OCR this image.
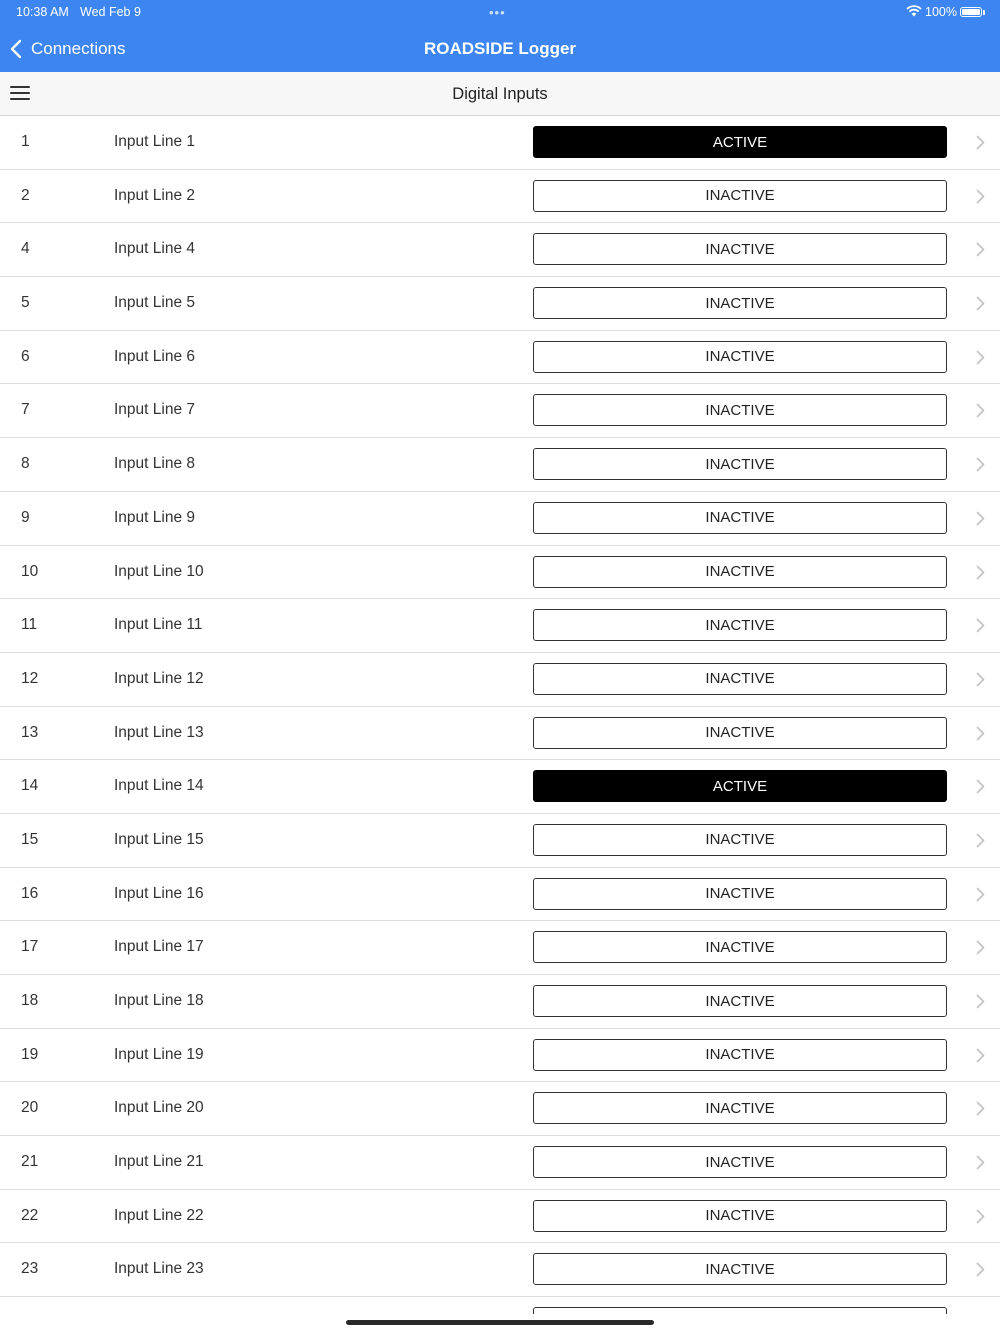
10:38 AM Wed Feb 9	•••	100%
Connections	ROADSIDE Logger
Digital Inputs
1	Input Line 1	ACTIVE
2	Input Line 2	INACTIVE
4	Input Line 4	INACTIVE
5	Input Line 5	INACTIVE
6	Input Line 6	INACTIVE
7	Input Line 7	INACTIVE
8	Input Line 8	INACTIVE
9	Input Line 9	INACTIVE
10	Input Line 10	INACTIVE
11	Input Line 11	INACTIVE
12	Input Line 12	INACTIVE
13	Input Line 13	INACTIVE
14	Input Line 14	ACTIVE
15	Input Line 15	INACTIVE
16	Input Line 16	INACTIVE
17	Input Line 17	INACTIVE
18	Input Line 18	INACTIVE
19	Input Line 19	INACTIVE
20	Input Line 20	INACTIVE
21	Input Line 21	INACTIVE
22	Input Line 22	INACTIVE
23	Input Line 23	INACTIVE
